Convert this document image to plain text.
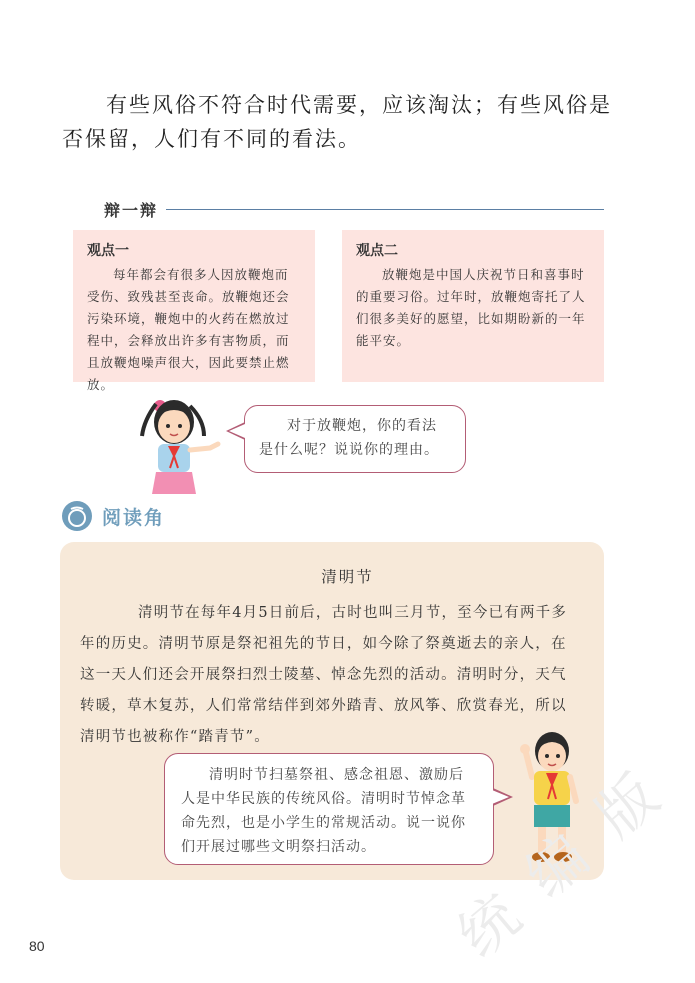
有些风俗不符合时代需要，应该淘汰；有些风俗是否保留，人们有不同的看法。

辩一辩
观点一

每年都会有很多人因放鞭炮而受伤、致残甚至丧命。放鞭炮还会污染环境，鞭炮中的火药在燃放过程中，会释放出许多有害物质，而且放鞭炮噪声很大，因此要禁止燃放。

观点二

放鞭炮是中国人庆祝节日和喜事时的重要习俗。过年时，放鞭炮寄托了人们很多美好的愿望，比如期盼新的一年能平安。

对于放鞭炮，你的看法是什么呢？说说你的理由。
阅读角
清明节

清明节在每年4月5日前后，古时也叫三月节，至今已有两千多年的历史。清明节原是祭祀祖先的节日，如今除了祭奠逝去的亲人，在这一天人们还会开展祭扫烈士陵墓、悼念先烈的活动。清明时分，天气转暖，草木复苏，人们常常结伴到郊外踏青、放风筝、欣赏春光，所以清明节也被称作“踏青节”。

清明时节扫墓祭祖、感念祖恩、激励后人是中华民族的传统风俗。清明时节悼念革命先烈，也是小学生的常规活动。说一说你们开展过哪些文明祭扫活动。
统
编
版
80
